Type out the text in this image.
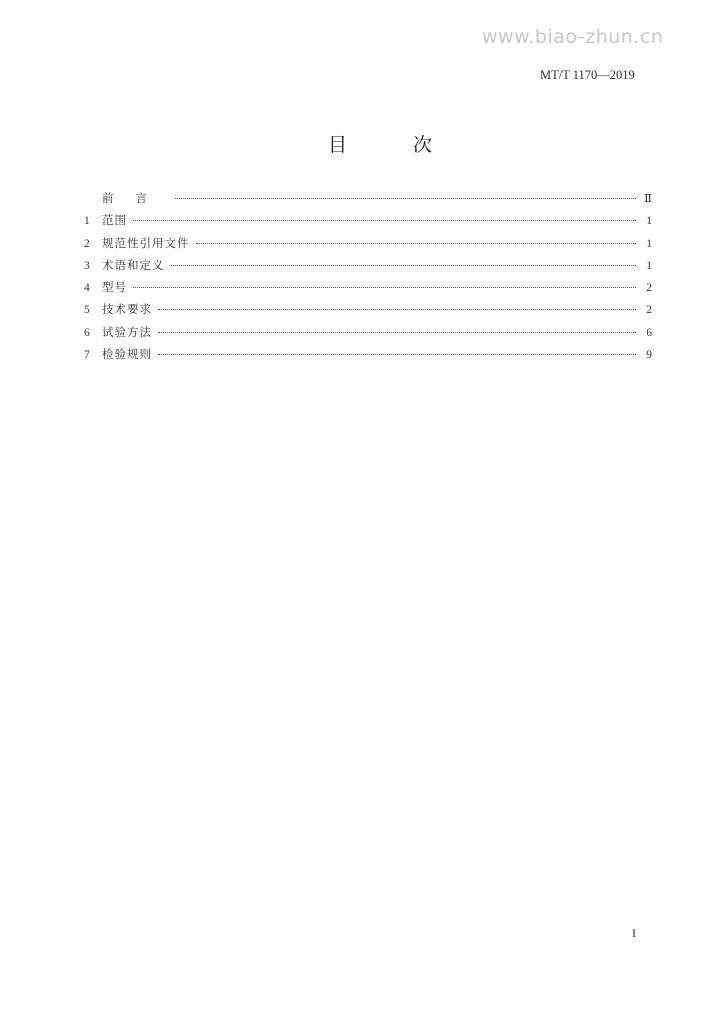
www.biao-zhun.cn
MT/T 1170—2019
目 次
前言	Ⅱ
1	范围	1
2	规范性引用文件	1
3	术语和定义	1
4	型号	2
5	技术要求	2
6	试验方法	6
7	检验规则	9
I
